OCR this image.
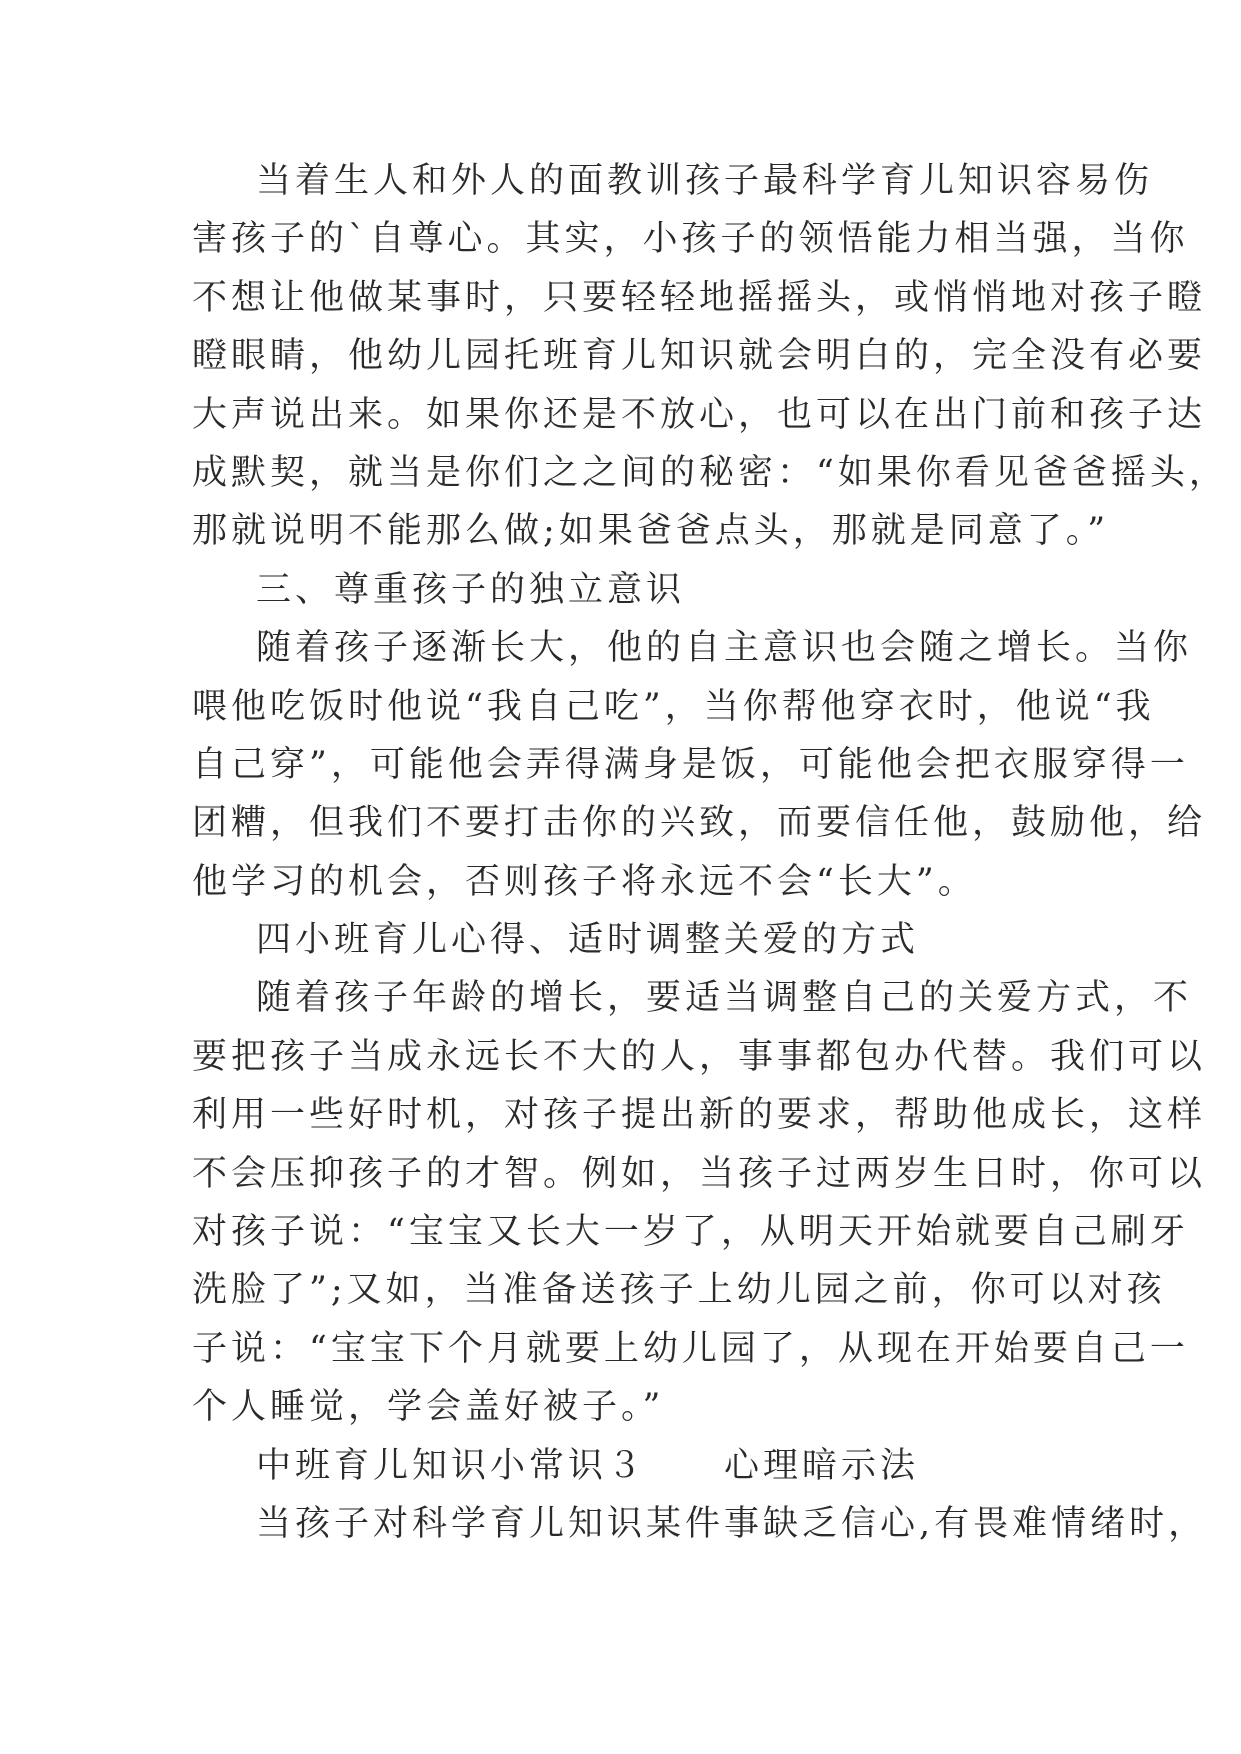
当着生人和外人的面教训孩子最科学育儿知识容易伤
害孩子的`自尊心。其实，小孩子的领悟能力相当强，当你
不想让他做某事时，只要轻轻地摇摇头，或悄悄地对孩子瞪
瞪眼睛，他幼儿园托班育儿知识就会明白的，完全没有必要
大声说出来。如果你还是不放心，也可以在出门前和孩子达
成默契，就当是你们之之间的秘密：“如果你看见爸爸摇头，
那就说明不能那么做;如果爸爸点头，那就是同意了。”
三、尊重孩子的独立意识
随着孩子逐渐长大，他的自主意识也会随之增长。当你
喂他吃饭时他说“我自己吃”，当你帮他穿衣时，他说“我
自己穿”，可能他会弄得满身是饭，可能他会把衣服穿得一
团糟，但我们不要打击你的兴致，而要信任他，鼓励他，给
他学习的机会，否则孩子将永远不会“长大”。
四小班育儿心得、适时调整关爱的方式
随着孩子年龄的增长，要适当调整自己的关爱方式，不
要把孩子当成永远长不大的人，事事都包办代替。我们可以
利用一些好时机，对孩子提出新的要求，帮助他成长，这样
不会压抑孩子的才智。例如，当孩子过两岁生日时，你可以
对孩子说：“宝宝又长大一岁了，从明天开始就要自己刷牙
洗脸了”;又如，当准备送孩子上幼儿园之前，你可以对孩
子说：“宝宝下个月就要上幼儿园了，从现在开始要自己一
个人睡觉，学会盖好被子。”
中班育儿知识小常识３　　心理暗示法
当孩子对科学育儿知识某件事缺乏信心,有畏难情绪时，
